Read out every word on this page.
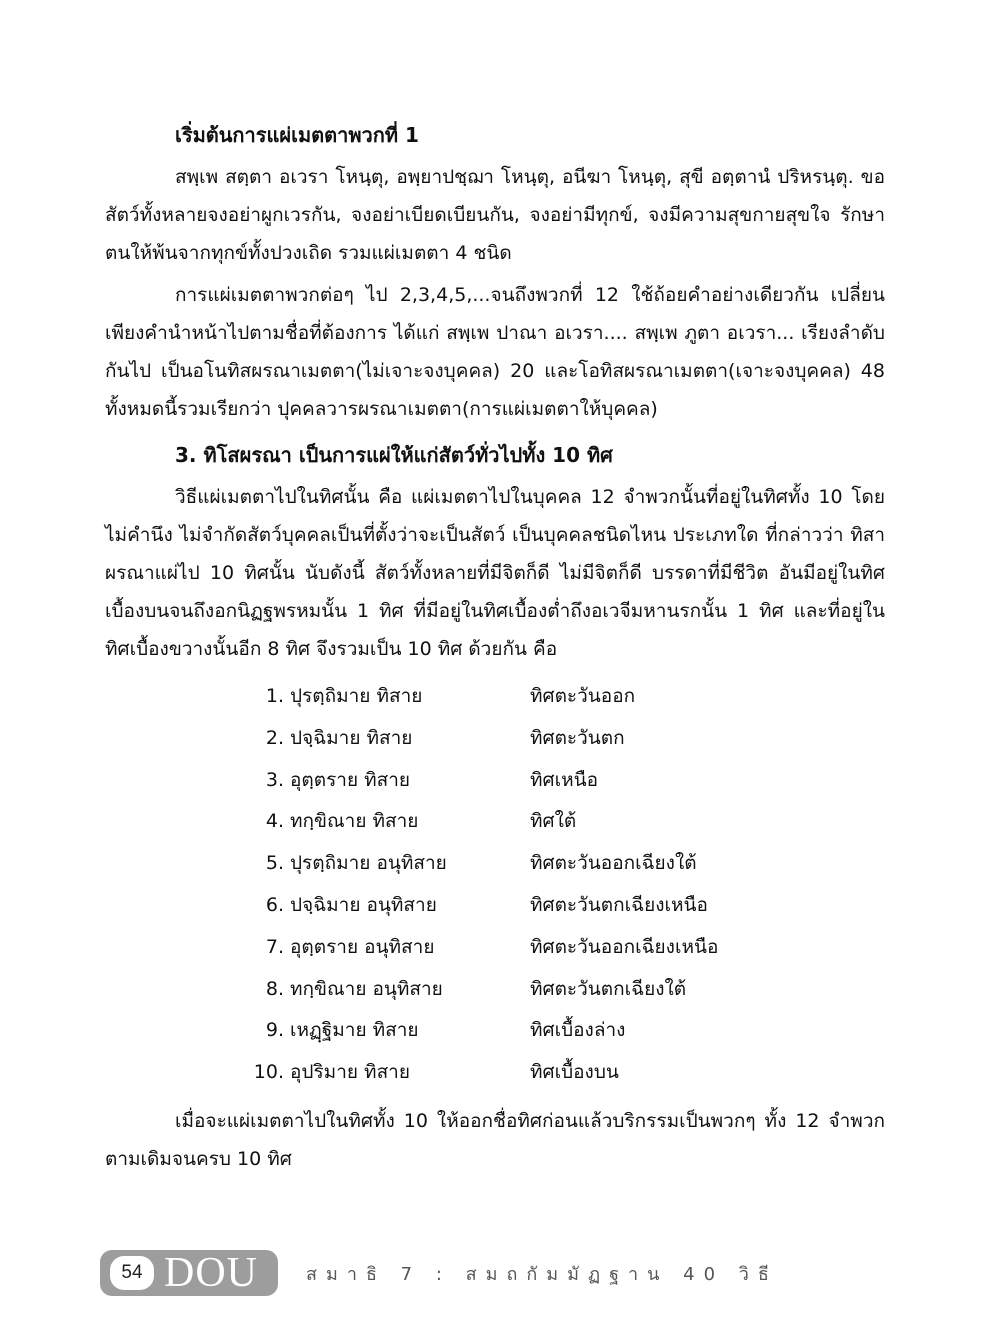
เริ่มต้นการแผ่เมตตาพวกที่ 1

สพฺเพ สตฺตา อเวรา โหนฺตุ, อพฺยาปชฺฌา โหนฺตุ, อนีฆา โหนฺตุ, สุขี อตฺตานํ ปริหรนฺตุ. ขอสัตว์ทั้งหลายจงอย่าผูกเวรกัน, จงอย่าเบียดเบียนกัน, จงอย่ามีทุกข์, จงมีความสุขกายสุขใจ รักษาตนให้พ้นจากทุกข์ทั้งปวงเถิด รวมแผ่เมตตา 4 ชนิด

การแผ่เมตตาพวกต่อๆ ไป 2,3,4,5,...จนถึงพวกที่ 12 ใช้ถ้อยคำอย่างเดียวกัน เปลี่ยนเพียงคำนำหน้าไปตามชื่อที่ต้องการ ได้แก่ สพฺเพ ปาณา อเวรา.... สพฺเพ ภูตา อเวรา... เรียงลำดับกันไป เป็นอโนทิสผรณาเมตตา(ไม่เจาะจงบุคคล) 20 และโอทิสผรณาเมตตา(เจาะจงบุคคล) 48 ทั้งหมดนี้รวมเรียกว่า ปุคคลวารผรณาเมตตา(การแผ่เมตตาให้บุคคล)

3. ทิโสผรณา เป็นการแผ่ให้แก่สัตว์ทั่วไปทั้ง 10 ทิศ

วิธีแผ่เมตตาไปในทิศนั้น คือ แผ่เมตตาไปในบุคคล 12 จำพวกนั้นที่อยู่ในทิศทั้ง 10 โดยไม่คำนึง ไม่จำกัดสัตว์บุคคลเป็นที่ตั้งว่าจะเป็นสัตว์ เป็นบุคคลชนิดไหน ประเภทใด ที่กล่าวว่า ทิสาผรณาแผ่ไป 10 ทิศนั้น นับดังนี้ สัตว์ทั้งหลายที่มีจิตก็ดี ไม่มีจิตก็ดี บรรดาที่มีชีวิต อันมีอยู่ในทิศเบื้องบนจนถึงอกนิฏฐพรหมนั้น 1 ทิศ ที่มีอยู่ในทิศเบื้องต่ำถึงอเวจีมหานรกนั้น 1 ทิศ และที่อยู่ในทิศเบื้องขวางนั้นอีก 8 ทิศ จึงรวมเป็น 10 ทิศ ด้วยกัน คือ

1. ปุรตฺถิมาย ทิสาย	ทิศตะวันออก
2. ปจฺฉิมาย ทิสาย	ทิศตะวันตก
3. อุตฺตราย ทิสาย	ทิศเหนือ
4. ทกฺขิณาย ทิสาย	ทิศใต้
5. ปุรตฺถิมาย อนุทิสาย	ทิศตะวันออกเฉียงใต้
6. ปจฺฉิมาย อนุทิสาย	ทิศตะวันตกเฉียงเหนือ
7. อุตฺตราย อนุทิสาย	ทิศตะวันออกเฉียงเหนือ
8. ทกฺขิณาย อนุทิสาย	ทิศตะวันตกเฉียงใต้
9. เหฏฺฐิมาย ทิสาย	ทิศเบื้องล่าง
10. อุปริมาย ทิสาย	ทิศเบื้องบน

เมื่อจะแผ่เมตตาไปในทิศทั้ง 10 ให้ออกชื่อทิศก่อนแล้วบริกรรมเป็นพวกๆ ทั้ง 12 จำพวก ตามเดิมจนครบ 10 ทิศ

54 DOU	สมาธิ 7 : สมถกัมมัฏฐาน 40 วิธี
